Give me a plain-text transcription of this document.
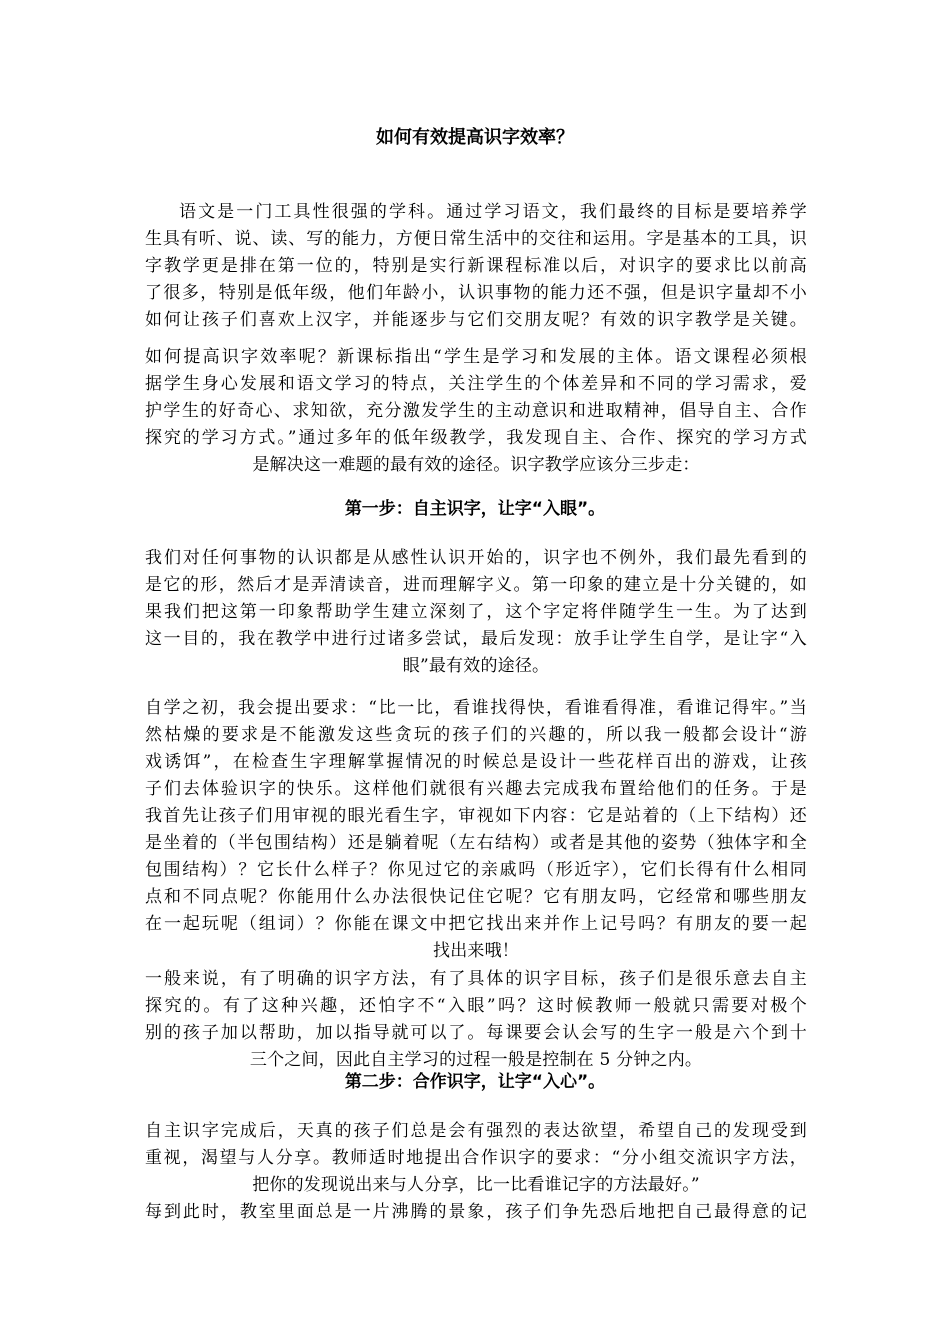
如何有效提高识字效率？
语文是一门工具性很强的学科。通过学习语文，我们最终的目标是要培养学
生具有听、说、读、写的能力，方便日常生活中的交往和运用。字是基本的工具，识
字教学更是排在第一位的，特别是实行新课程标准以后，对识字的要求比以前高
了很多，特别是低年级，他们年龄小，认识事物的能力还不强，但是识字量却不小
如何让孩子们喜欢上汉字，并能逐步与它们交朋友呢？有效的识字教学是关键。
如何提高识字效率呢？新课标指出“学生是学习和发展的主体。语文课程必须根
据学生身心发展和语文学习的特点，关注学生的个体差异和不同的学习需求，爱
护学生的好奇心、求知欲，充分激发学生的主动意识和进取精神，倡导自主、合作
探究的学习方式。”通过多年的低年级教学，我发现自主、合作、探究的学习方式
是解决这一难题的最有效的途径。识字教学应该分三步走：
第一步：自主识字，让字“入眼”。
我们对任何事物的认识都是从感性认识开始的，识字也不例外，我们最先看到的
是它的形，然后才是弄清读音，进而理解字义。第一印象的建立是十分关键的，如
果我们把这第一印象帮助学生建立深刻了，这个字定将伴随学生一生。为了达到
这一目的，我在教学中进行过诸多尝试，最后发现：放手让学生自学，是让字“入
眼”最有效的途径。
自学之初，我会提出要求：“比一比，看谁找得快，看谁看得准，看谁记得牢。”当
然枯燥的要求是不能激发这些贪玩的孩子们的兴趣的，所以我一般都会设计“游
戏诱饵”，在检查生字理解掌握情况的时候总是设计一些花样百出的游戏，让孩
子们去体验识字的快乐。这样他们就很有兴趣去完成我布置给他们的任务。于是
我首先让孩子们用审视的眼光看生字，审视如下内容：它是站着的（上下结构）还
是坐着的（半包围结构）还是躺着呢（左右结构）或者是其他的姿势（独体字和全
包围结构）？它长什么样子？你见过它的亲戚吗（形近字），它们长得有什么相同
点和不同点呢？你能用什么办法很快记住它呢？它有朋友吗，它经常和哪些朋友
在一起玩呢（组词）？你能在课文中把它找出来并作上记号吗？有朋友的要一起
找出来哦！
一般来说，有了明确的识字方法，有了具体的识字目标，孩子们是很乐意去自主
探究的。有了这种兴趣，还怕字不“入眼”吗？这时候教师一般就只需要对极个
别的孩子加以帮助，加以指导就可以了。每课要会认会写的生字一般是六个到十
三个之间，因此自主学习的过程一般是控制在 5 分钟之内。
第二步：合作识字，让字“入心”。
自主识字完成后，天真的孩子们总是会有强烈的表达欲望，希望自己的发现受到
重视，渴望与人分享。教师适时地提出合作识字的要求：“分小组交流识字方法，
把你的发现说出来与人分享，比一比看谁记字的方法最好。”
每到此时，教室里面总是一片沸腾的景象，孩子们争先恐后地把自己最得意的记
